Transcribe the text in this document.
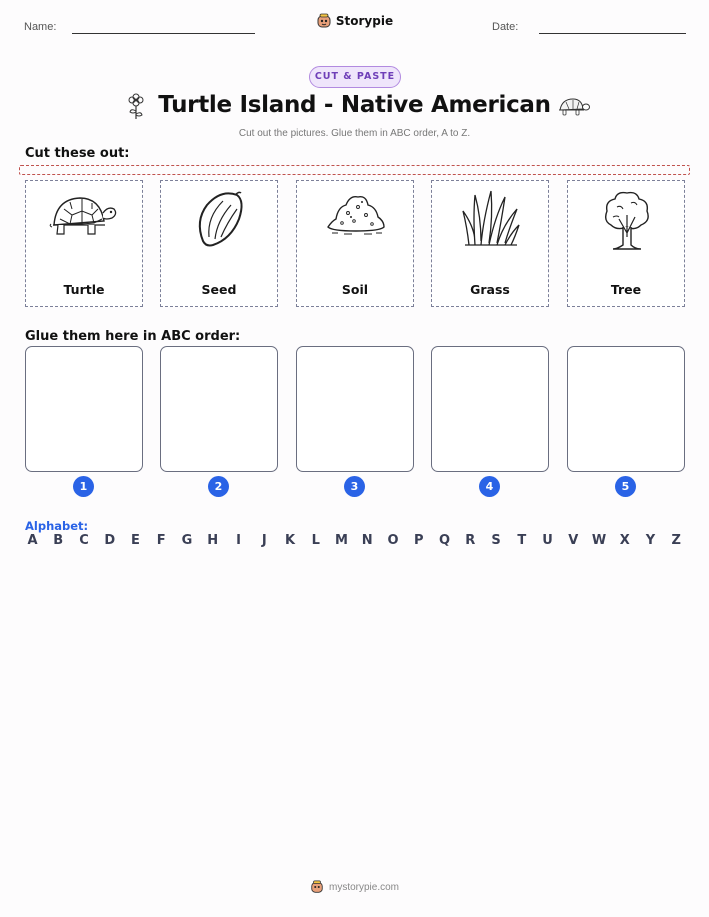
Name:	Storypie	Date:
CUT & PASTE
Turtle Island - Native American
Cut out the pictures. Glue them in ABC order, A to Z.
Cut these out:
Turtle	Seed	Soil	Grass	Tree
Glue them here in ABC order:
1	2	3	4	5
Alphabet:
A B C D E F G H	I	J	K L M N O P Q R S T U V W X Y Z
mystorypie.com
